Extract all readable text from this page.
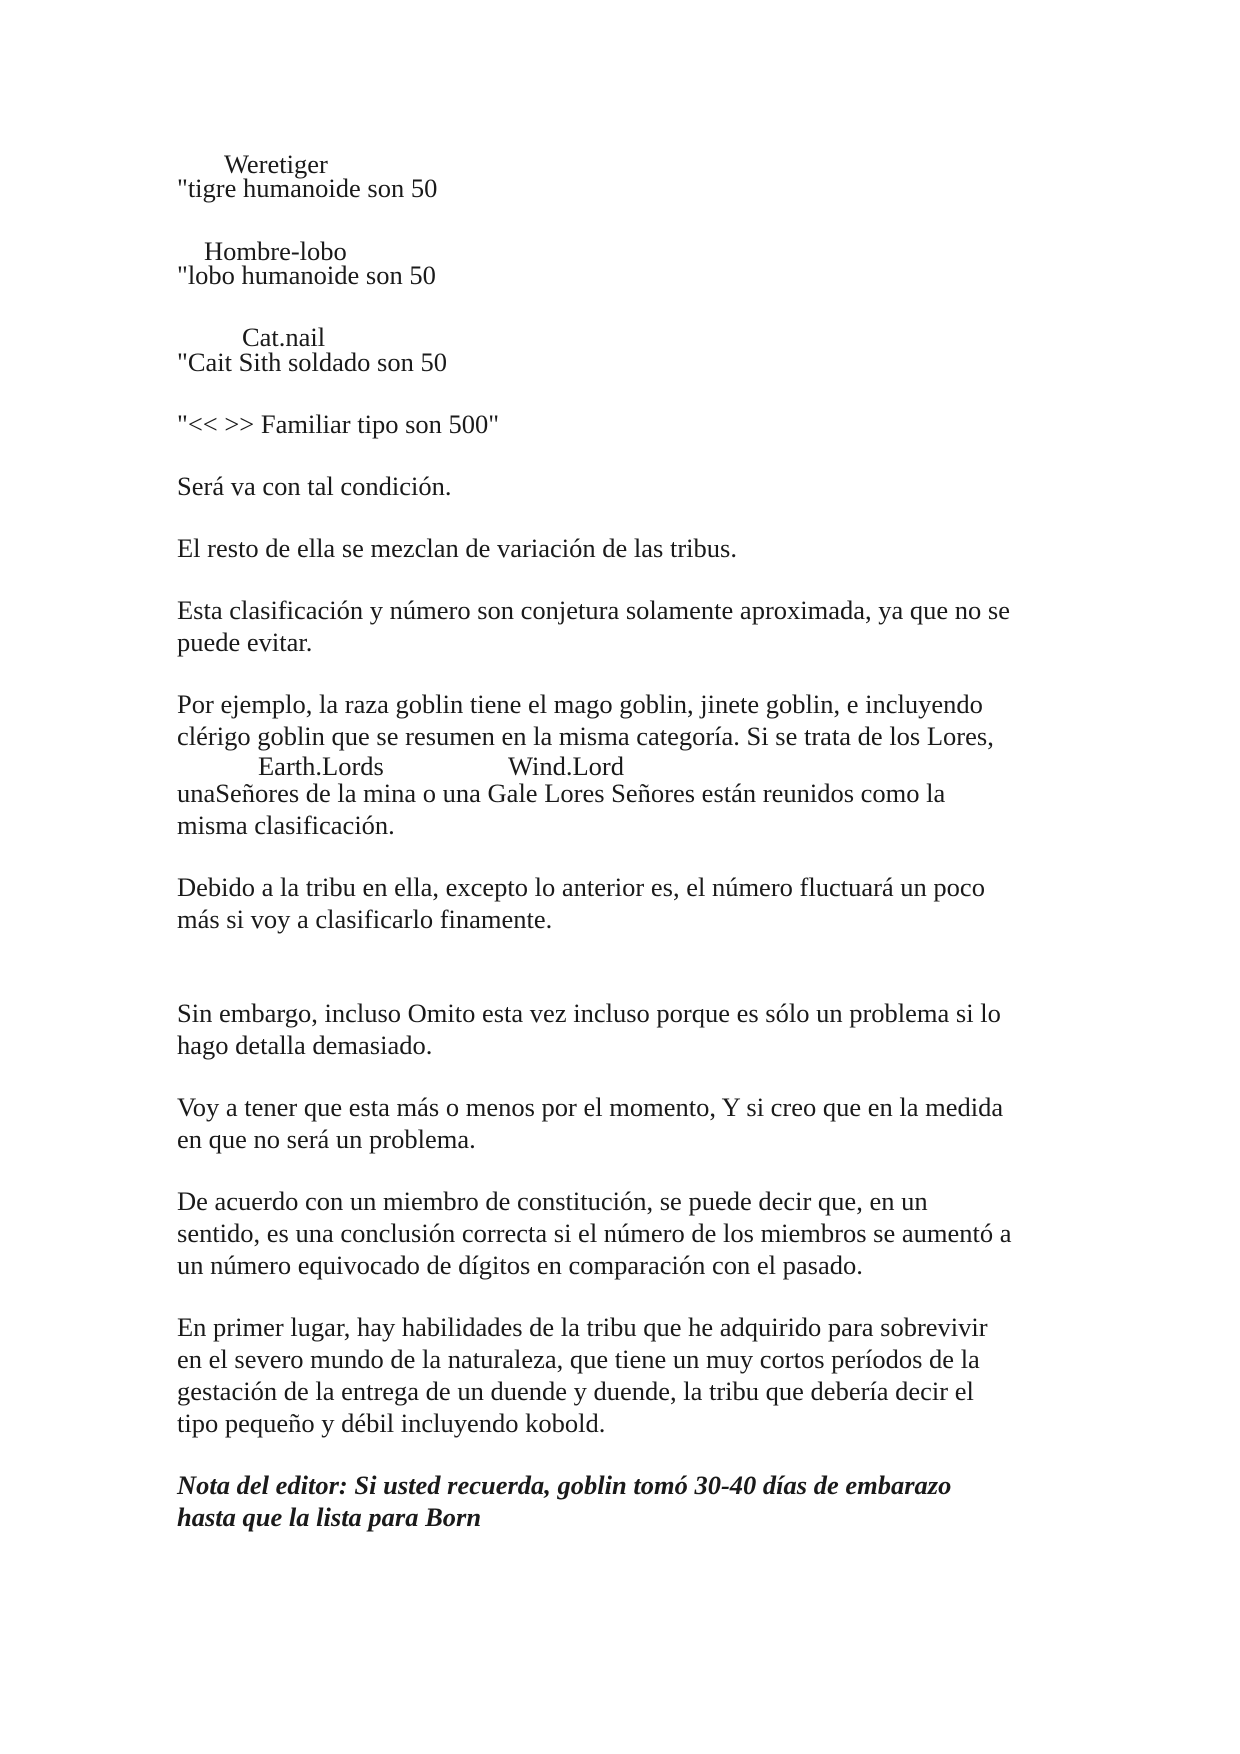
Weretiger

"tigre humanoide son 50

Hombre-lobo

"lobo humanoide son 50

Cat.nail

"Cait Sith soldado son 50

"<< >> Familiar tipo son 500"

Será va con tal condición.

El resto de ella se mezclan de variación de las tribus.

Esta clasificación y número son conjetura solamente aproximada, ya que no se

puede evitar.

Por ejemplo, la raza goblin tiene el mago goblin, jinete goblin, e incluyendo

clérigo goblin que se resumen en la misma categoría. Si se trata de los Lores,

Earth.Lords	Wind.Lord

unaSeñores de la mina o una Gale Lores Señores están reunidos como la

misma clasificación.

Debido a la tribu en ella, excepto lo anterior es, el número fluctuará un poco

más si voy a clasificarlo finamente.

Sin embargo, incluso Omito esta vez incluso porque es sólo un problema si lo

hago detalla demasiado.

Voy a tener que esta más o menos por el momento, Y si creo que en la medida

en que no será un problema.

De acuerdo con un miembro de constitución, se puede decir que, en un

sentido, es una conclusión correcta si el número de los miembros se aumentó a

un número equivocado de dígitos en comparación con el pasado.

En primer lugar, hay habilidades de la tribu que he adquirido para sobrevivir

en el severo mundo de la naturaleza, que tiene un muy cortos períodos de la

gestación de la entrega de un duende y duende, la tribu que debería decir el

tipo pequeño y débil incluyendo kobold.

Nota del editor: Si usted recuerda, goblin tomó 30-40 días de embarazo

hasta que la lista para Born
